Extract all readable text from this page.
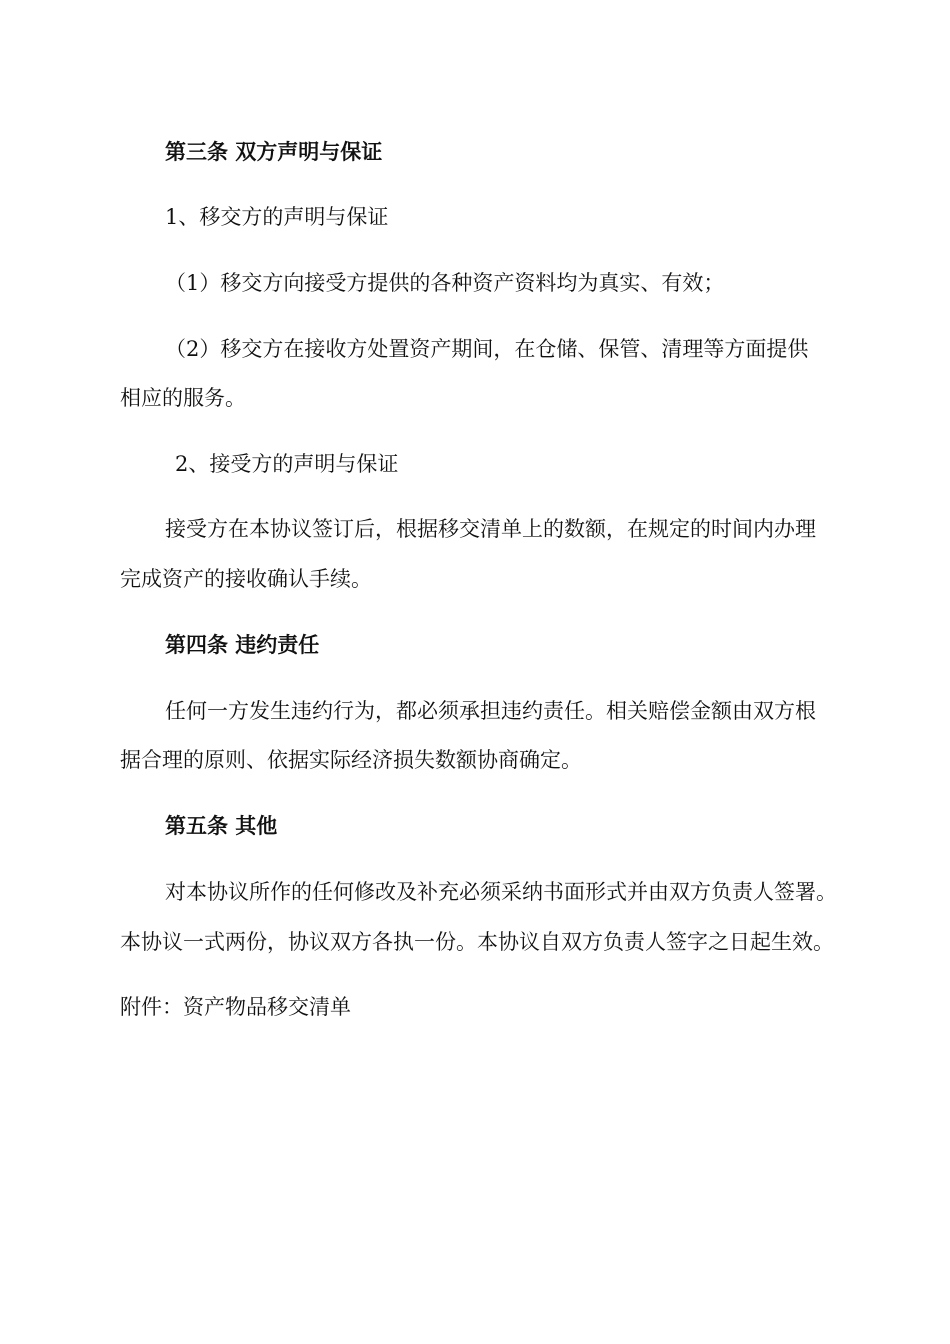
第三条 双方声明与保证

1、移交方的声明与保证

（1）移交方向接受方提供的各种资产资料均为真实、有效；

（2）移交方在接收方处置资产期间，在仓储、保管、清理等方面提供

相应的服务。

2、接受方的声明与保证

接受方在本协议签订后，根据移交清单上的数额，在规定的时间内办理

完成资产的接收确认手续。

第四条 违约责任

任何一方发生违约行为，都必须承担违约责任。相关赔偿金额由双方根

据合理的原则、依据实际经济损失数额协商确定。

第五条 其他

对本协议所作的任何修改及补充必须采纳书面形式并由双方负责人签署。

本协议一式两份，协议双方各执一份。本协议自双方负责人签字之日起生效。

附件：资产物品移交清单
